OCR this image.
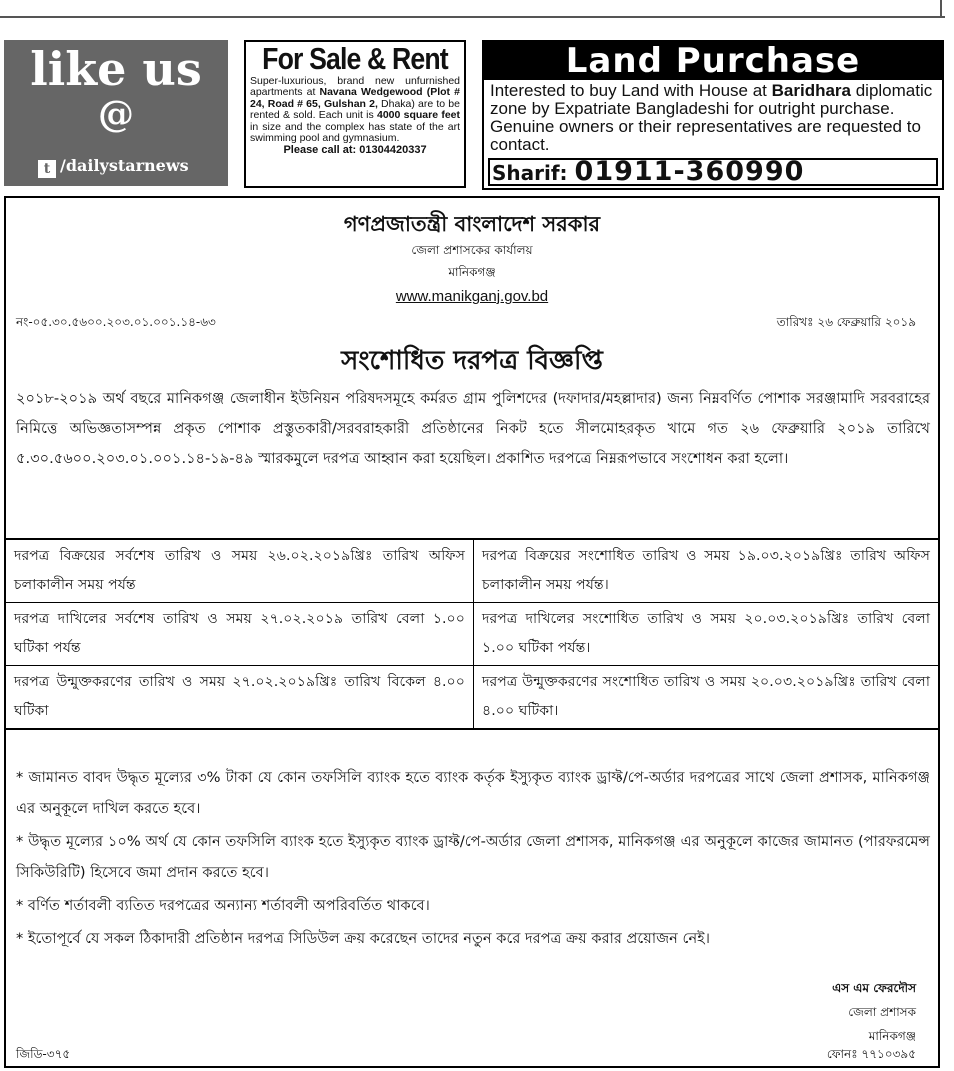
like us
@
t /dailystarnews
For Sale & Rent
Super-luxurious, brand new unfurnished apartments at Navana Wedgewood (Plot # 24, Road # 65, Gulshan 2, Dhaka) are to be rented & sold. Each unit is 4000 square feet in size and the complex has state of the art swimming pool and gymnasium.
Please call at: 01304420337
Land Purchase
Interested to buy Land with House at Baridhara diplomatic zone by Expatriate Bangladeshi for outright purchase. Genuine owners or their representatives are requested to contact.
Sharif: 01911-360990
গণপ্রজাতন্ত্রী বাংলাদেশ সরকার
জেলা প্রশাসকের কার্যালয়
মানিকগঞ্জ
www.manikganj.gov.bd
নং-০৫.৩০.৫৬০০.২০৩.০১.০০১.১৪-৬৩	তারিখঃ ২৬ ফেব্রুয়ারি ২০১৯
সংশোধিত দরপত্র বিজ্ঞপ্তি
২০১৮-২০১৯ অর্থ বছরে মানিকগঞ্জ জেলাধীন ইউনিয়ন পরিষদসমূহে কর্মরত গ্রাম পুলিশদের (দফাদার/মহল্লাদার) জন্য নিম্নবর্ণিত পোশাক সরঞ্জামাদি সরবরাহের নিমিত্তে অভিজ্ঞতাসম্পন্ন প্রকৃত পোশাক প্রস্তুতকারী/সরবরাহকারী প্রতিষ্ঠানের নিকট হতে সীলমোহরকৃত খামে গত ২৬ ফেব্রুয়ারি ২০১৯ তারিখে ৫.৩০.৫৬০০.২০৩.০১.০০১.১৪-১৯-৪৯ স্মারকমুলে দরপত্র আহ্বান করা হয়েছিল। প্রকাশিত দরপত্রে নিম্নরূপভাবে সংশোধন করা হলো।
দরপত্র বিক্রয়ের সর্বশেষ তারিখ ও সময় ২৬.০২.২০১৯খ্রিঃ তারিখ অফিস চলাকালীন সময় পর্যন্ত	দরপত্র বিক্রয়ের সংশোধিত তারিখ ও সময় ১৯.০৩.২০১৯খ্রিঃ তারিখ অফিস চলাকালীন সময় পর্যন্ত।
দরপত্র দাখিলের সর্বশেষ তারিখ ও সময় ২৭.০২.২০১৯ তারিখ বেলা ১.০০ ঘটিকা পর্যন্ত	দরপত্র দাখিলের সংশোধিত তারিখ ও সময় ২০.০৩.২০১৯খ্রিঃ তারিখ বেলা ১.০০ ঘটিকা পর্যন্ত।
দরপত্র উন্মুক্তকরণের তারিখ ও সময় ২৭.০২.২০১৯খ্রিঃ তারিখ বিকেল ৪.০০ ঘটিকা	দরপত্র উন্মুক্তকরণের সংশোধিত তারিখ ও সময় ২০.০৩.২০১৯খ্রিঃ তারিখ বেলা ৪.০০ ঘটিকা।

* জামানত বাবদ উদ্ধৃত মূল্যের ৩% টাকা যে কোন তফসিলি ব্যাংক হতে ব্যাংক কর্তৃক ইস্যুকৃত ব্যাংক ড্রাফ্ট/পে-অর্ডার দরপত্রের সাথে জেলা প্রশাসক, মানিকগঞ্জ এর অনুকূলে দাখিল করতে হবে।

* উদ্ধৃত মূল্যের ১০% অর্থ যে কোন তফসিলি ব্যাংক হতে ইস্যুকৃত ব্যাংক ড্রাফ্ট/পে-অর্ডার জেলা প্রশাসক, মানিকগঞ্জ এর অনুকূলে কাজের জামানত (পারফরমেন্স সিকিউরিটি) হিসেবে জমা প্রদান করতে হবে।

* বর্ণিত শর্তাবলী ব্যতিত দরপত্রের অন্যান্য শর্তাবলী অপরিবর্তিত থাকবে।

* ইতোপূর্বে যে সকল ঠিকাদারী প্রতিষ্ঠান দরপত্র সিডিউল ক্রয় করেছেন তাদের নতুন করে দরপত্র ক্রয় করার প্রয়োজন নেই।

এস এম ফেরদৌস
জেলা প্রশাসক
মানিকগঞ্জ
জিডি-৩৭৫	ফোনঃ ৭৭১০৩৯৫
